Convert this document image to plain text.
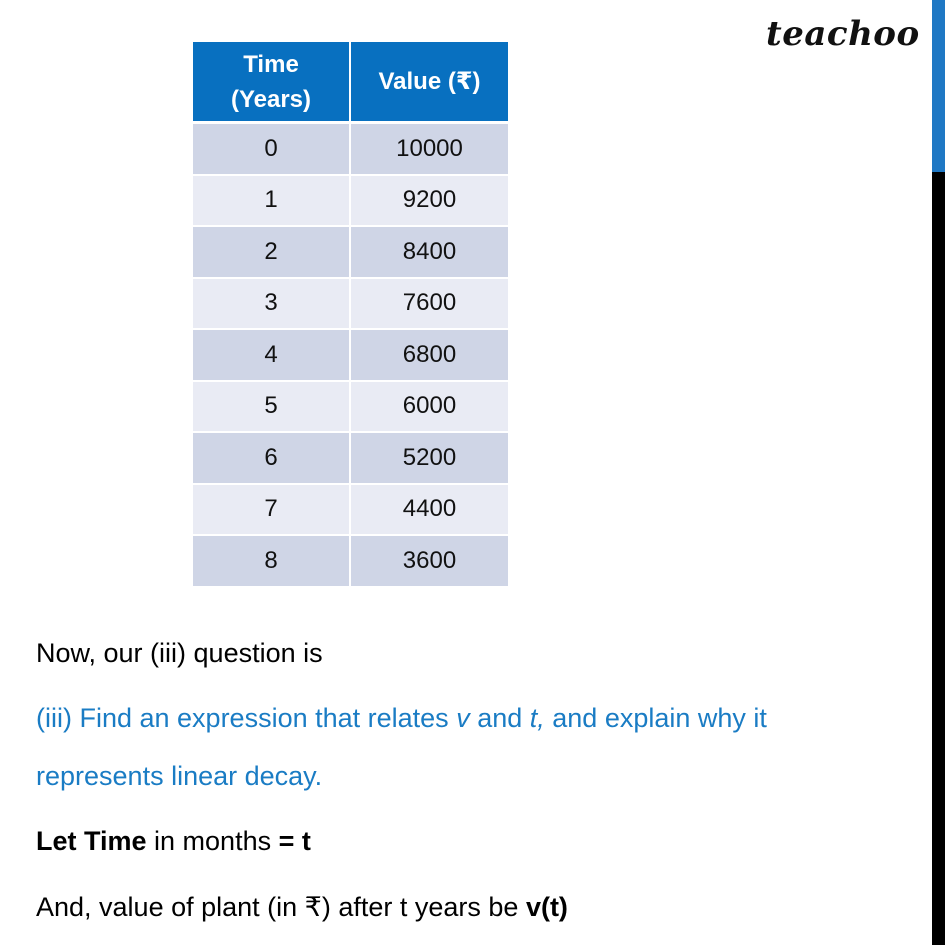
teachoo
Time
(Years)	Value (₹)
0	10000
1	9200
2	8400
3	7600
4	6800
5	6000
6	5200
7	4400
8	3600
Now, our (iii) question is
(iii) Find an expression that relates v and t, and explain why it
represents linear decay.
Let Time in months = t
And, value of plant (in ₹) after t years be v(t)
